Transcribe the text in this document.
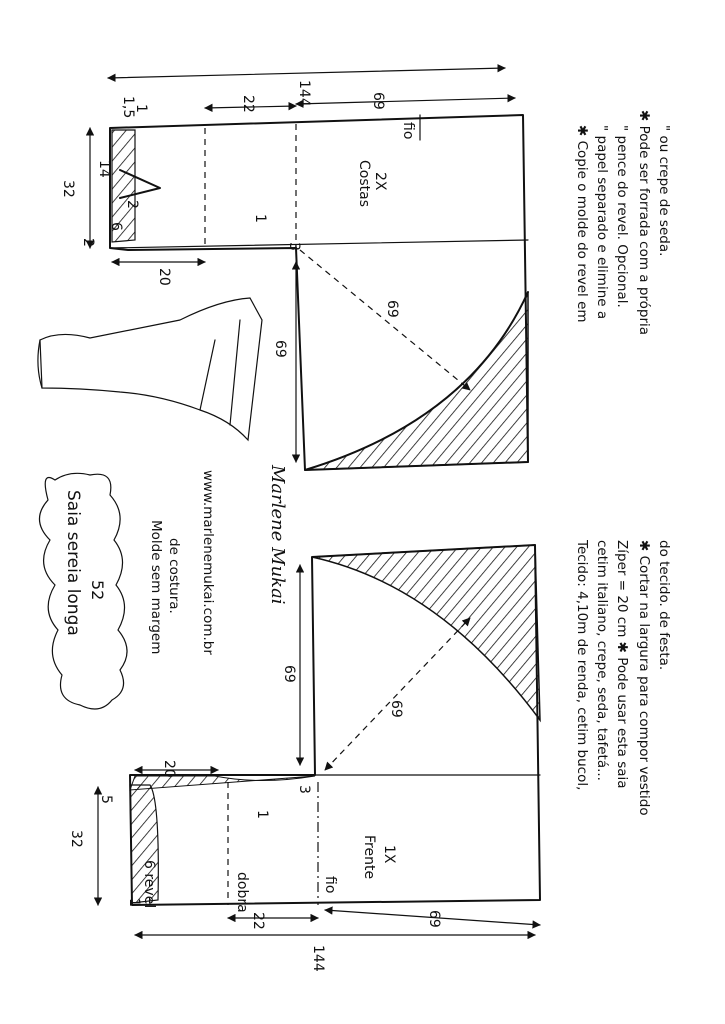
144
22	69
1,5
1
14
2
6
2
32
20
1
3
69
69
fio
Costas 2X
Saia sereia longa 52	Molde sem margem de costura. www.marlenemukai.com.br	Marlene Mukai
20
5
32
1 6 revel
1
3
69
69
dobra	fio
Frente 1X
22	69
144
✱ Copie o molde do revel em " papel separado e elimine a " pence do revel. Opcional. ✱ Pode ser forrada com a própria " ou crepe de seda.
Tecido: 4,10m de renda, cetim bucol, cetim italiano, crepe, seda, tafetá... Zíper = 20 cm ✱ Pode usar esta saia ✱ Cortar na largura para compor vestido do tecido. de festa.
